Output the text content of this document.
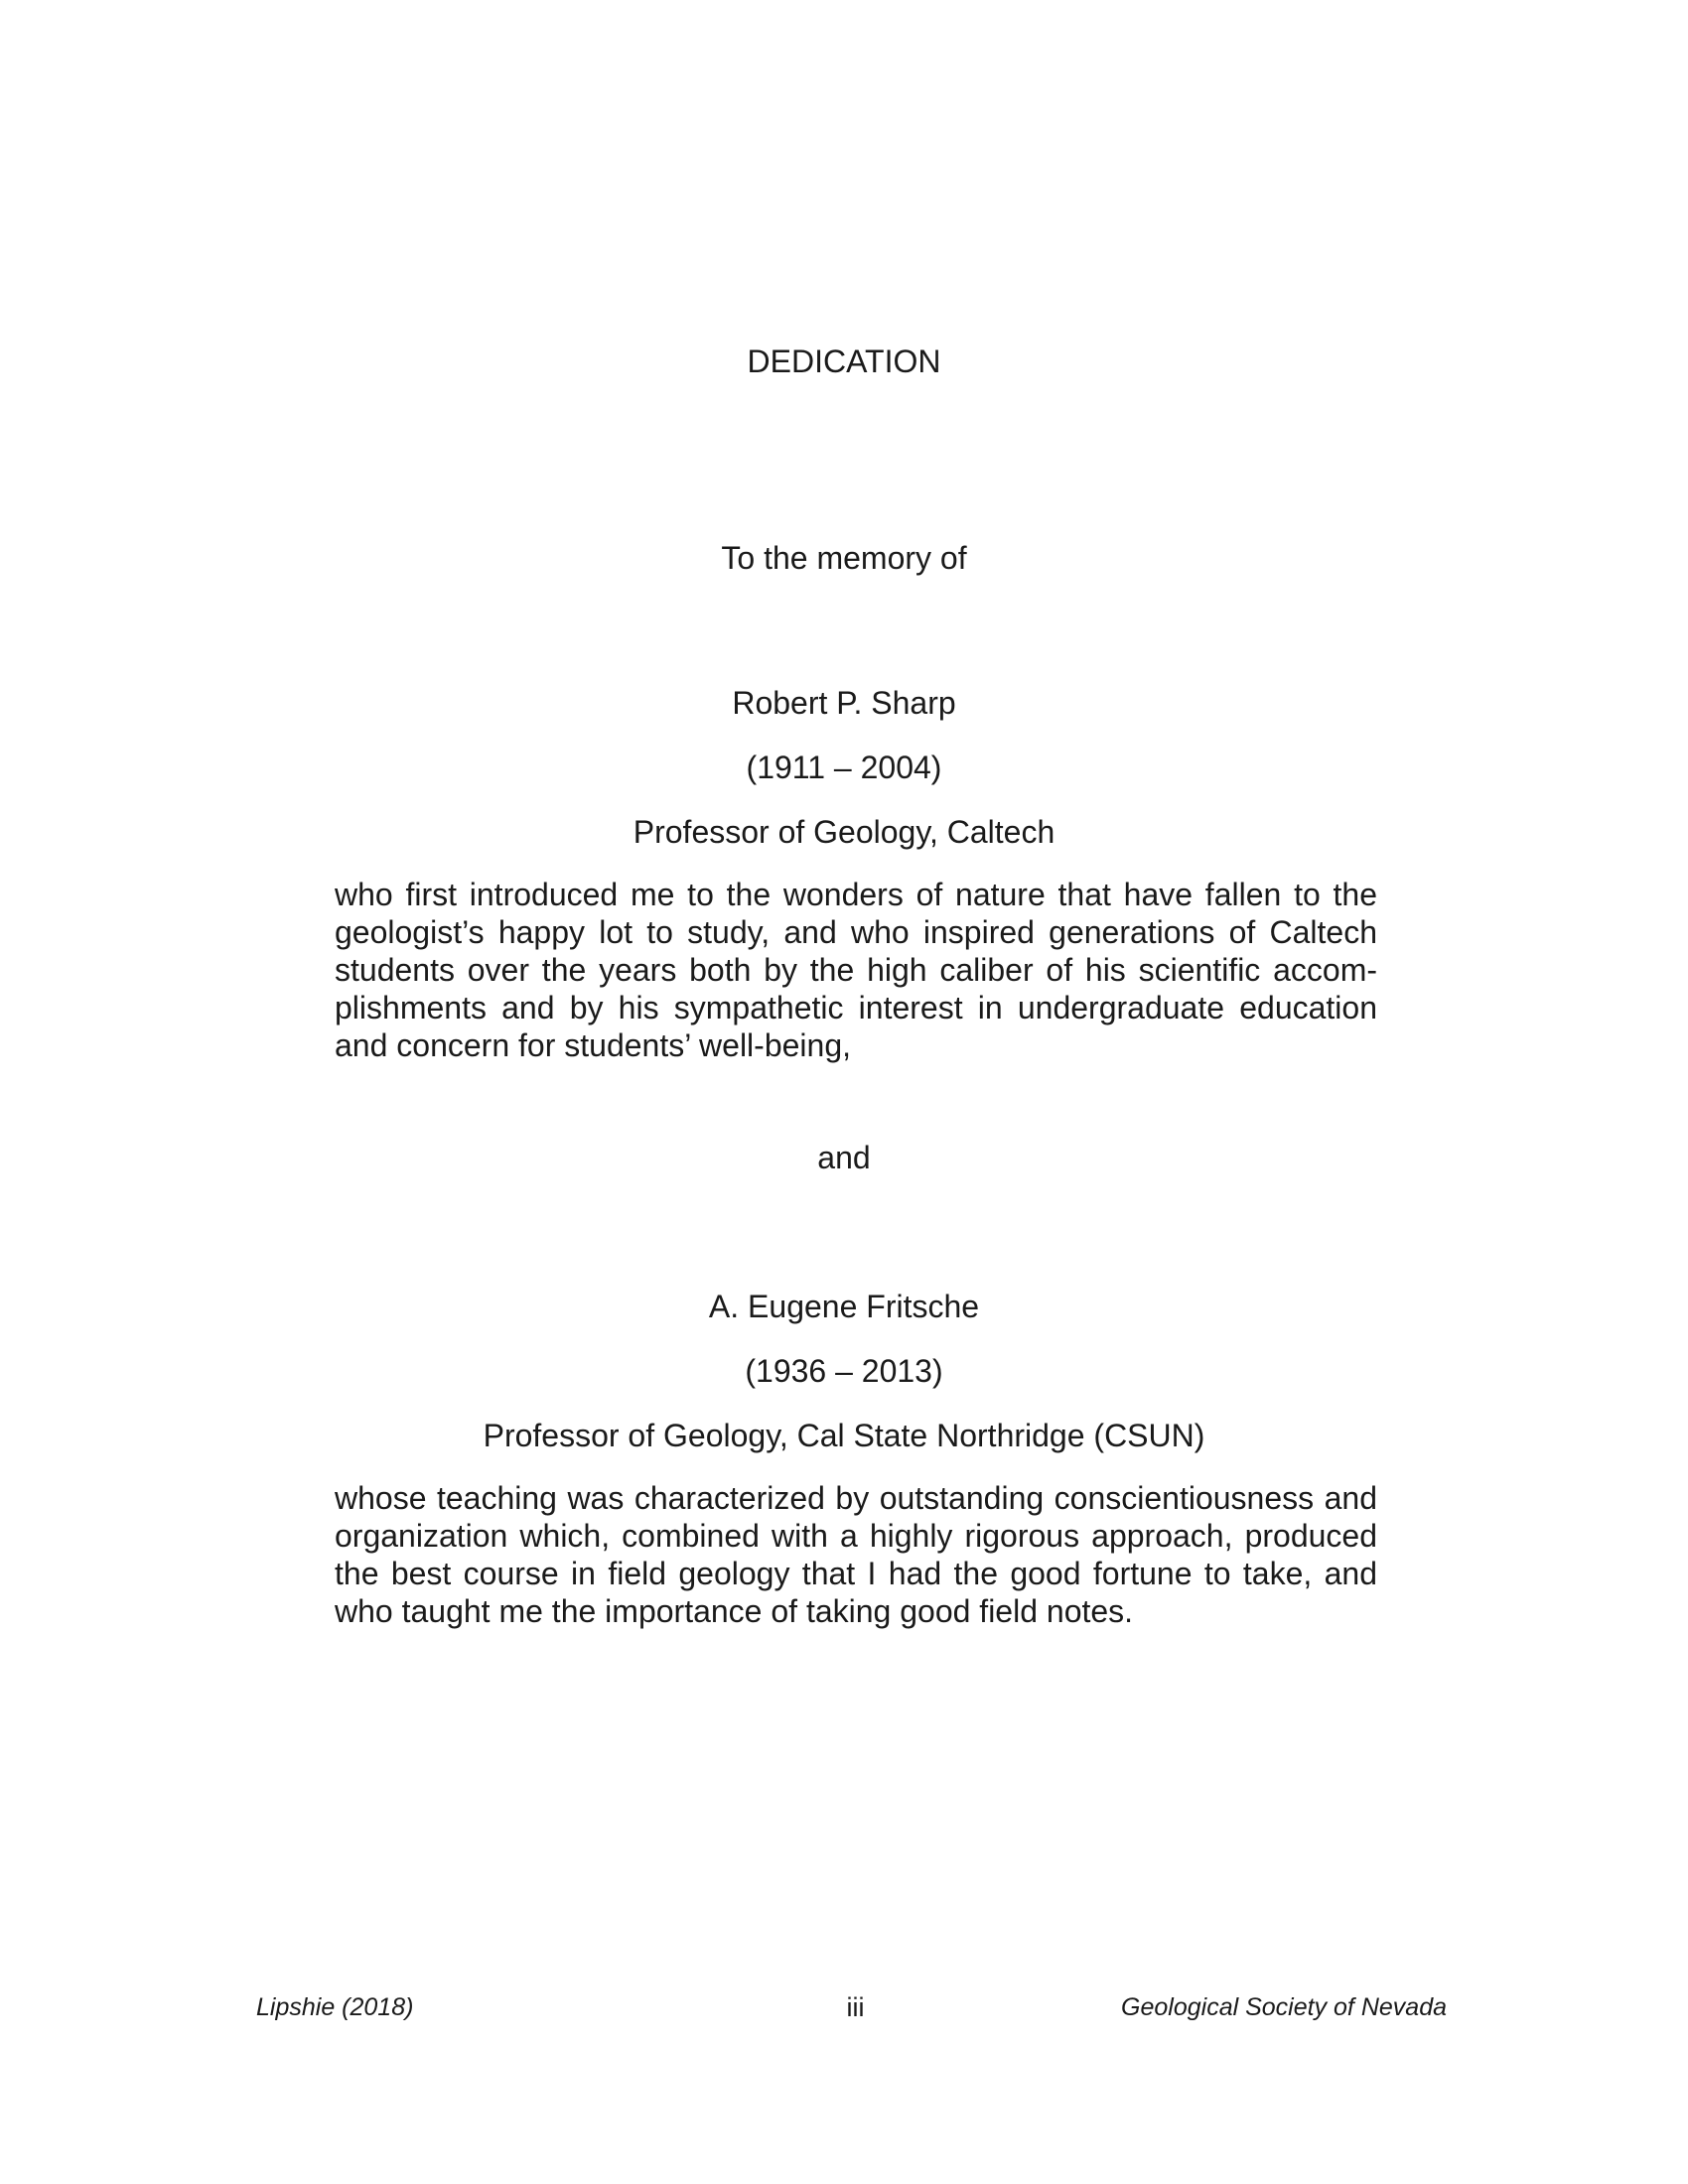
DEDICATION
To the memory of
Robert P. Sharp
(1911 – 2004)
Professor of Geology, Caltech
who first introduced me to the wonders of nature that have fallen to the geologist’s happy lot to study, and who inspired generations of Caltech students over the years both by the high caliber of his scientific accomplishments and by his sympathetic interest in undergraduate education and concern for students’ well-being,
and
A. Eugene Fritsche
(1936 – 2013)
Professor of Geology, Cal State Northridge (CSUN)
whose teaching was characterized by outstanding conscientiousness and organization which, combined with a highly rigorous approach, produced the best course in field geology that I had the good fortune to take, and who taught me the importance of taking good field notes.
Lipshie (2018)	iii	Geological Society of Nevada
